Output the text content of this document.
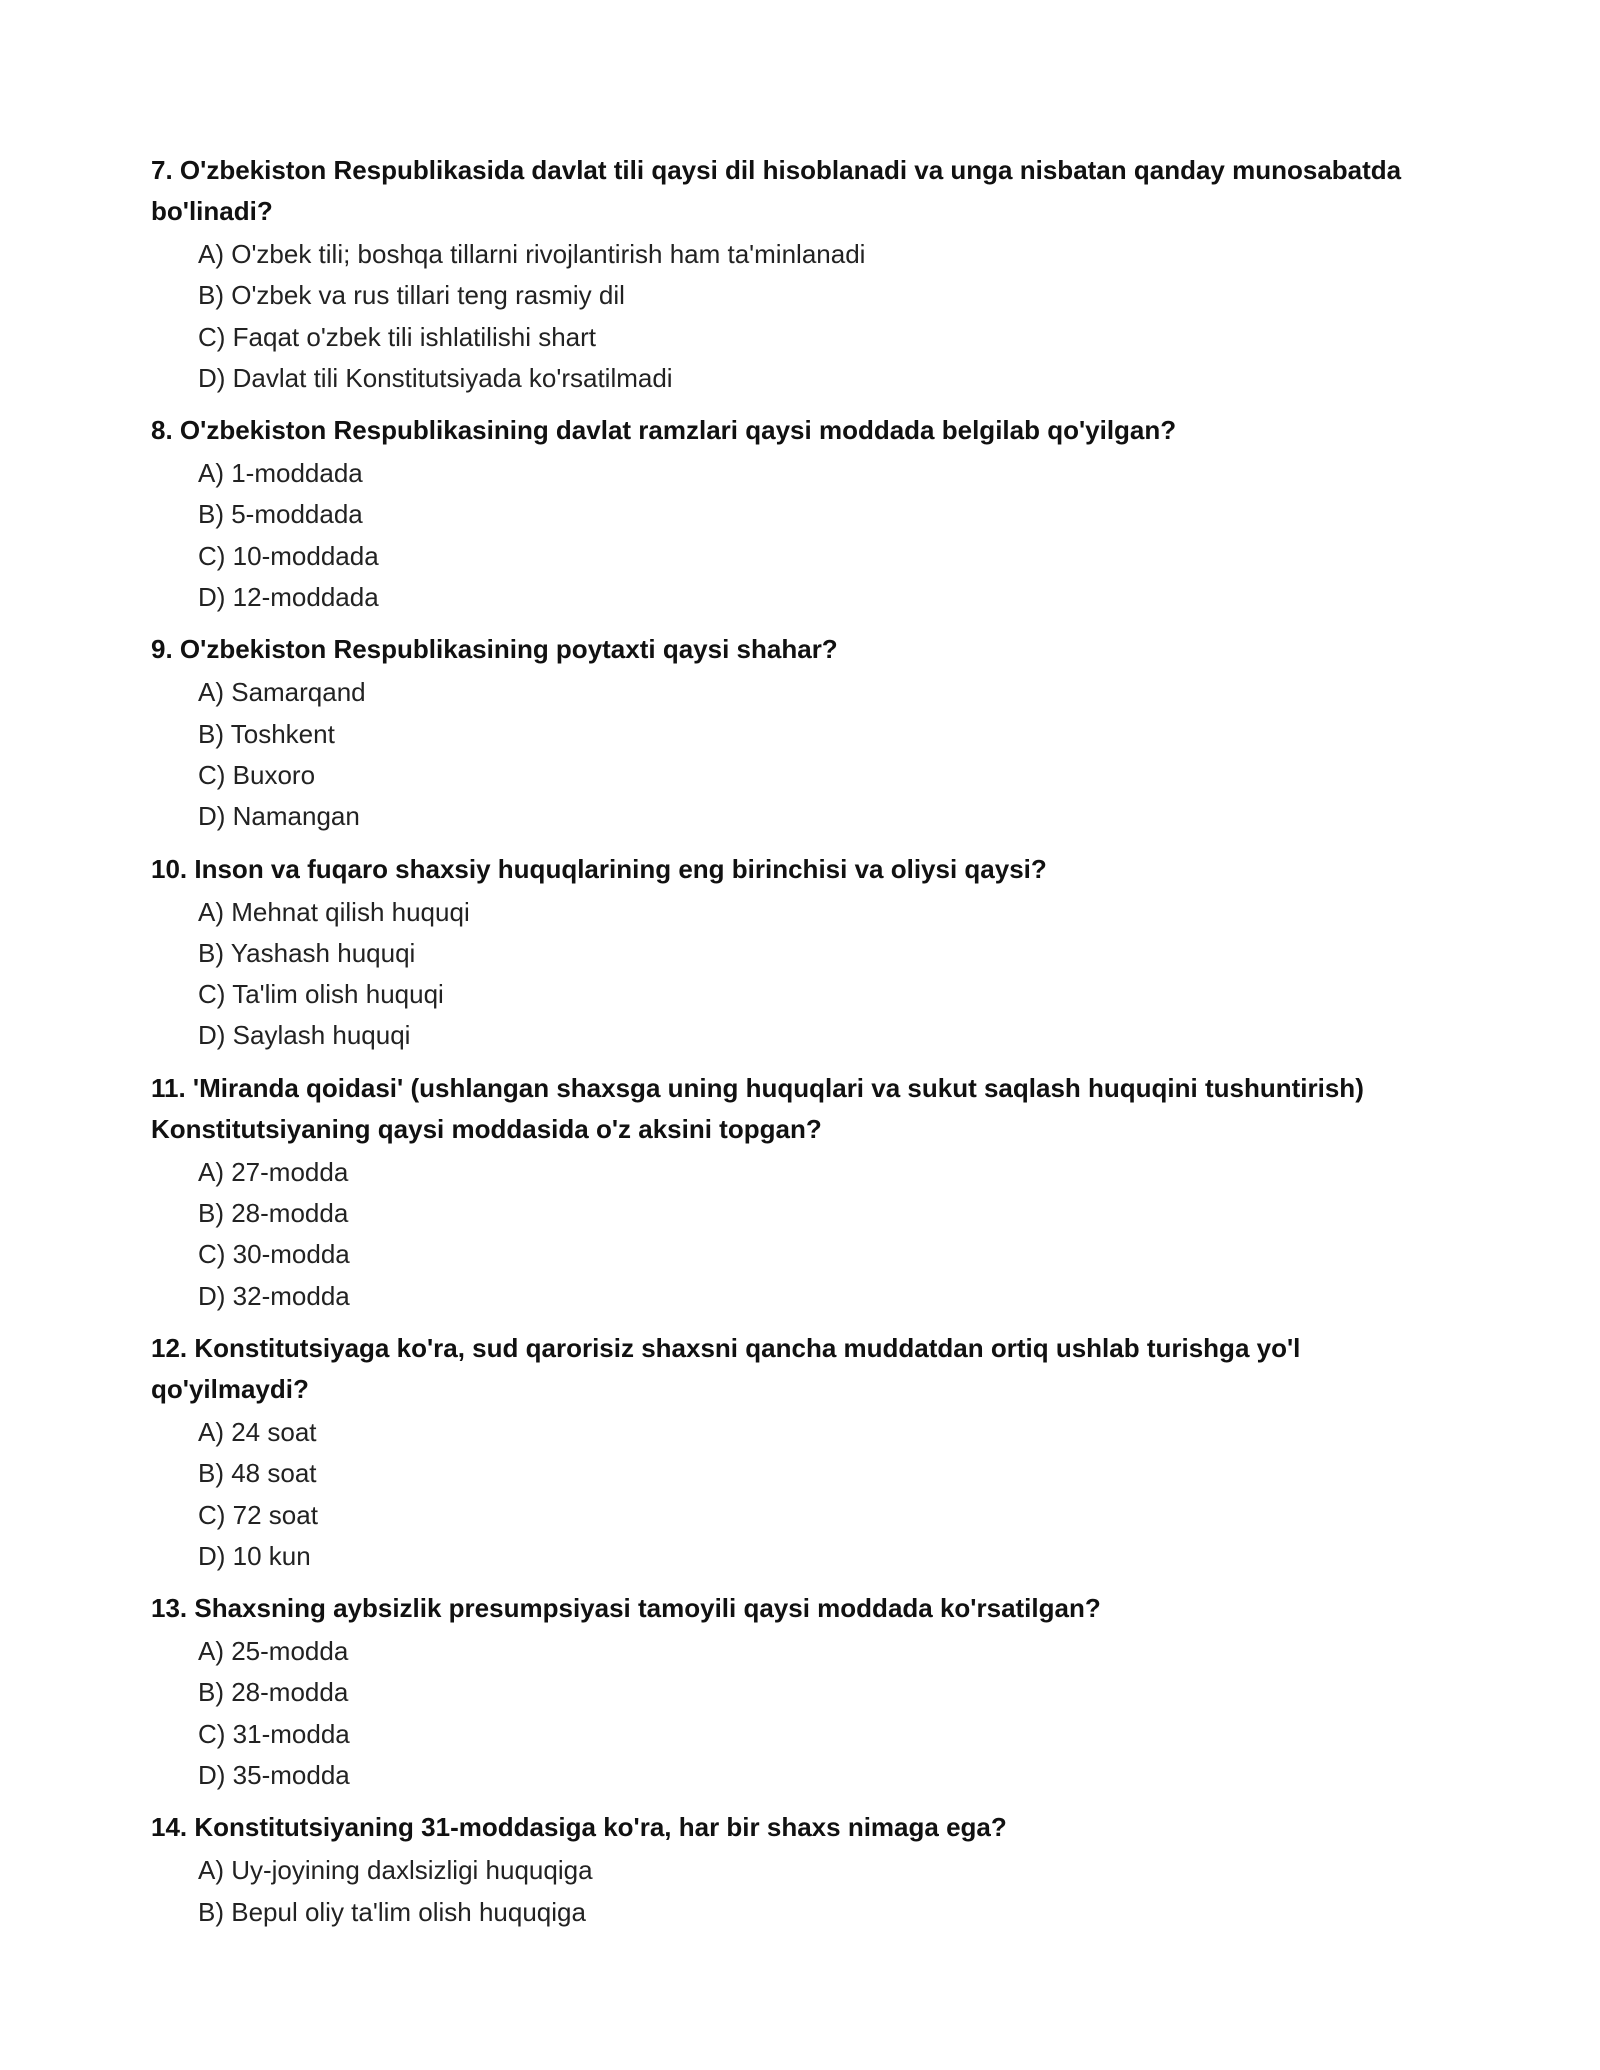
7. O'zbekiston Respublikasida davlat tili qaysi dil hisoblanadi va unga nisbatan qanday munosabatda bo'linadi?
A) O'zbek tili; boshqa tillarni rivojlantirish ham ta'minlanadi
B) O'zbek va rus tillari teng rasmiy dil
C) Faqat o'zbek tili ishlatilishi shart
D) Davlat tili Konstitutsiyada ko'rsatilmadi
8. O'zbekiston Respublikasining davlat ramzlari qaysi moddada belgilab qo'yilgan?
A) 1-moddada
B) 5-moddada
C) 10-moddada
D) 12-moddada
9. O'zbekiston Respublikasining poytaxti qaysi shahar?
A) Samarqand
B) Toshkent
C) Buxoro
D) Namangan
10. Inson va fuqaro shaxsiy huquqlarining eng birinchisi va oliysi qaysi?
A) Mehnat qilish huquqi
B) Yashash huquqi
C) Ta'lim olish huquqi
D) Saylash huquqi
11. 'Miranda qoidasi' (ushlangan shaxsga uning huquqlari va sukut saqlash huquqini tushuntirish) Konstitutsiyaning qaysi moddasida o'z aksini topgan?
A) 27-modda
B) 28-modda
C) 30-modda
D) 32-modda
12. Konstitutsiyaga ko'ra, sud qarorisiz shaxsni qancha muddatdan ortiq ushlab turishga yo'l qo'yilmaydi?
A) 24 soat
B) 48 soat
C) 72 soat
D) 10 kun
13. Shaxsning aybsizlik presumpsiyasi tamoyili qaysi moddada ko'rsatilgan?
A) 25-modda
B) 28-modda
C) 31-modda
D) 35-modda
14. Konstitutsiyaning 31-moddasiga ko'ra, har bir shaxs nimaga ega?
A) Uy-joyining daxlsizligi huquqiga
B) Bepul oliy ta'lim olish huquqiga
